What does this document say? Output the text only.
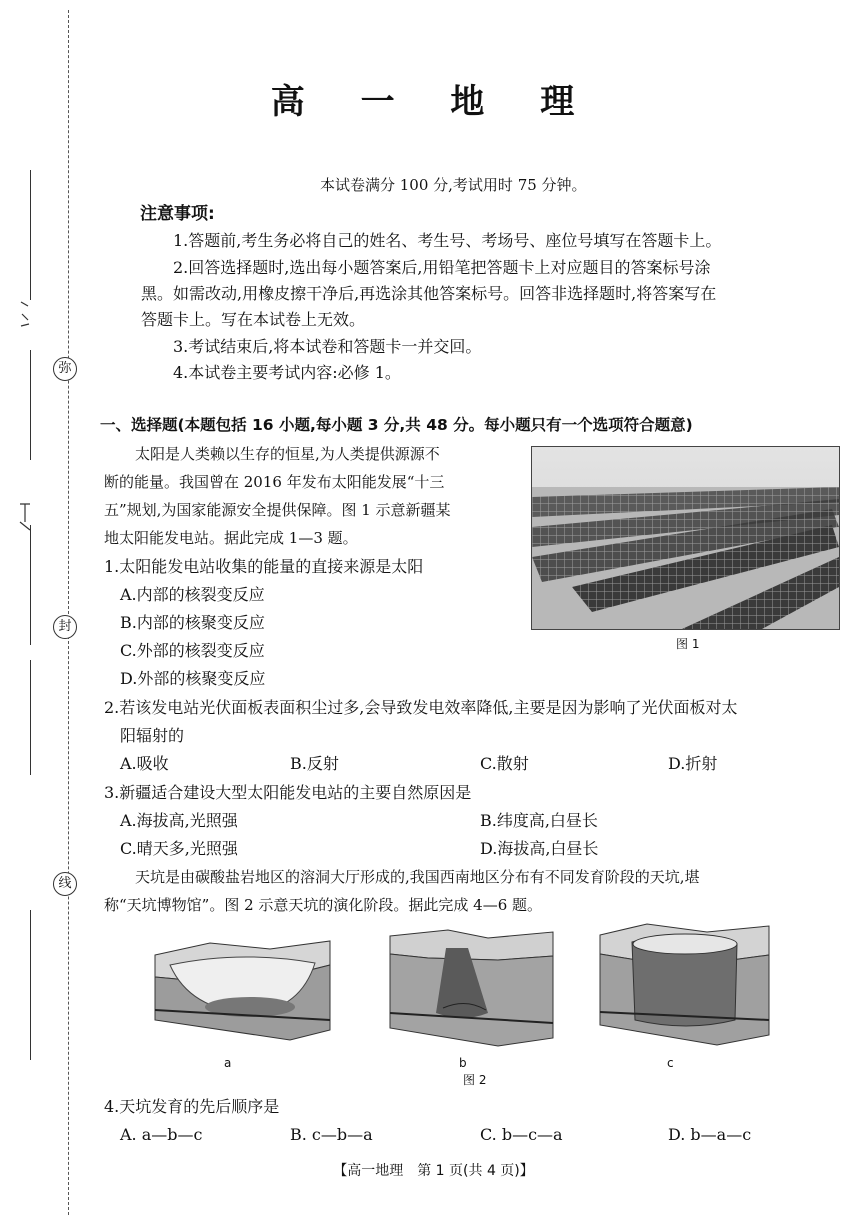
弥
封
线
高 一 地 理
本试卷满分 100 分,考试用时 75 分钟。
注意事项:
1.答题前,考生务必将自己的姓名、考生号、考场号、座位号填写在答题卡上。
2.回答选择题时,选出每小题答案后,用铅笔把答题卡上对应题目的答案标号涂
黑。如需改动,用橡皮擦干净后,再选涂其他答案标号。回答非选择题时,将答案写在
答题卡上。写在本试卷上无效。
3.考试结束后,将本试卷和答题卡一并交回。
4.本试卷主要考试内容:必修 1。
一、选择题(本题包括 16 小题,每小题 3 分,共 48 分。每小题只有一个选项符合题意)
太阳是人类赖以生存的恒星,为人类提供源源不
断的能量。我国曾在 2016 年发布太阳能发展“十三
五”规划,为国家能源安全提供保障。图 1 示意新疆某
地太阳能发电站。据此完成 1—3 题。
图 1
1.太阳能发电站收集的能量的直接来源是太阳
A.内部的核裂变反应
B.内部的核聚变反应
C.外部的核裂变反应
D.外部的核聚变反应
2.若该发电站光伏面板表面积尘过多,会导致发电效率降低,主要是因为影响了光伏面板对太
阳辐射的
A.吸收	B.反射	C.散射	D.折射
3.新疆适合建设大型太阳能发电站的主要自然原因是
A.海拔高,光照强	B.纬度高,白昼长
C.晴天多,光照强	D.海拔高,白昼长
天坑是由碳酸盐岩地区的溶洞大厅形成的,我国西南地区分布有不同发育阶段的天坑,堪
称“天坑博物馆”。图 2 示意天坑的演化阶段。据此完成 4—6 题。
a	b	c
图 2
4.天坑发育的先后顺序是
A. a—b—c	B. c—b—a	C. b—c—a	D. b—a—c
【高一地理　第 1 页(共 4 页)】
